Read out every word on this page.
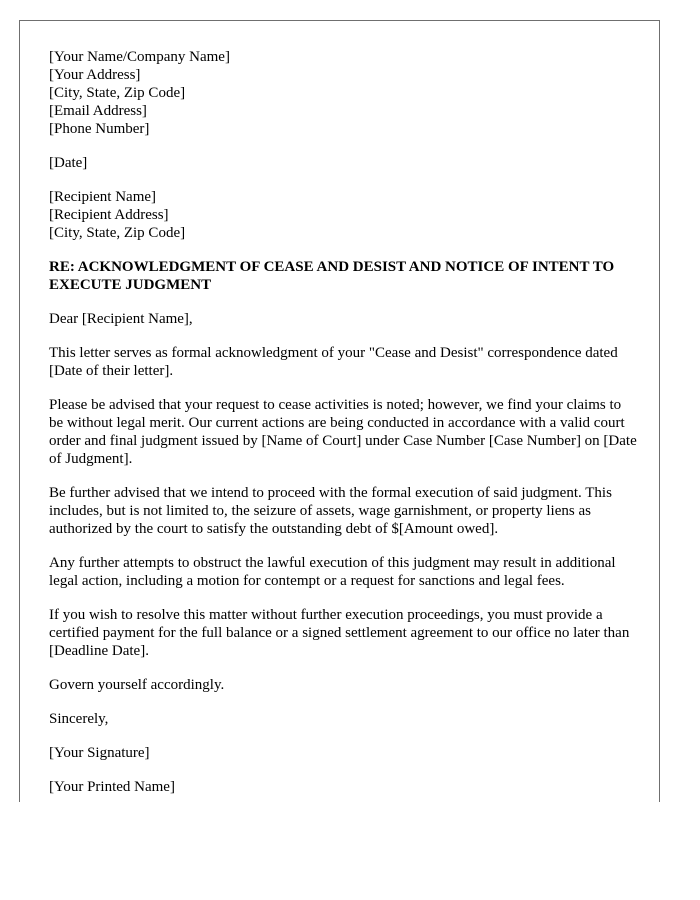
[Your Name/Company Name]
[Your Address]
[City, State, Zip Code]
[Email Address]
[Phone Number]
[Date]
[Recipient Name]
[Recipient Address]
[City, State, Zip Code]
RE: ACKNOWLEDGMENT OF CEASE AND DESIST AND NOTICE OF INTENT TO EXECUTE JUDGMENT

Dear [Recipient Name],

This letter serves as formal acknowledgment of your "Cease and Desist" correspondence dated [Date of their letter].

Please be advised that your request to cease activities is noted; however, we find your claims to be without legal merit. Our current actions are being conducted in accordance with a valid court order and final judgment issued by [Name of Court] under Case Number [Case Number] on [Date of Judgment].

Be further advised that we intend to proceed with the formal execution of said judgment. This includes, but is not limited to, the seizure of assets, wage garnishment, or property liens as authorized by the court to satisfy the outstanding debt of $[Amount owed].

Any further attempts to obstruct the lawful execution of this judgment may result in additional legal action, including a motion for contempt or a request for sanctions and legal fees.

If you wish to resolve this matter without further execution proceedings, you must provide a certified payment for the full balance or a signed settlement agreement to our office no later than [Deadline Date].

Govern yourself accordingly.

Sincerely,

[Your Signature]

[Your Printed Name]
